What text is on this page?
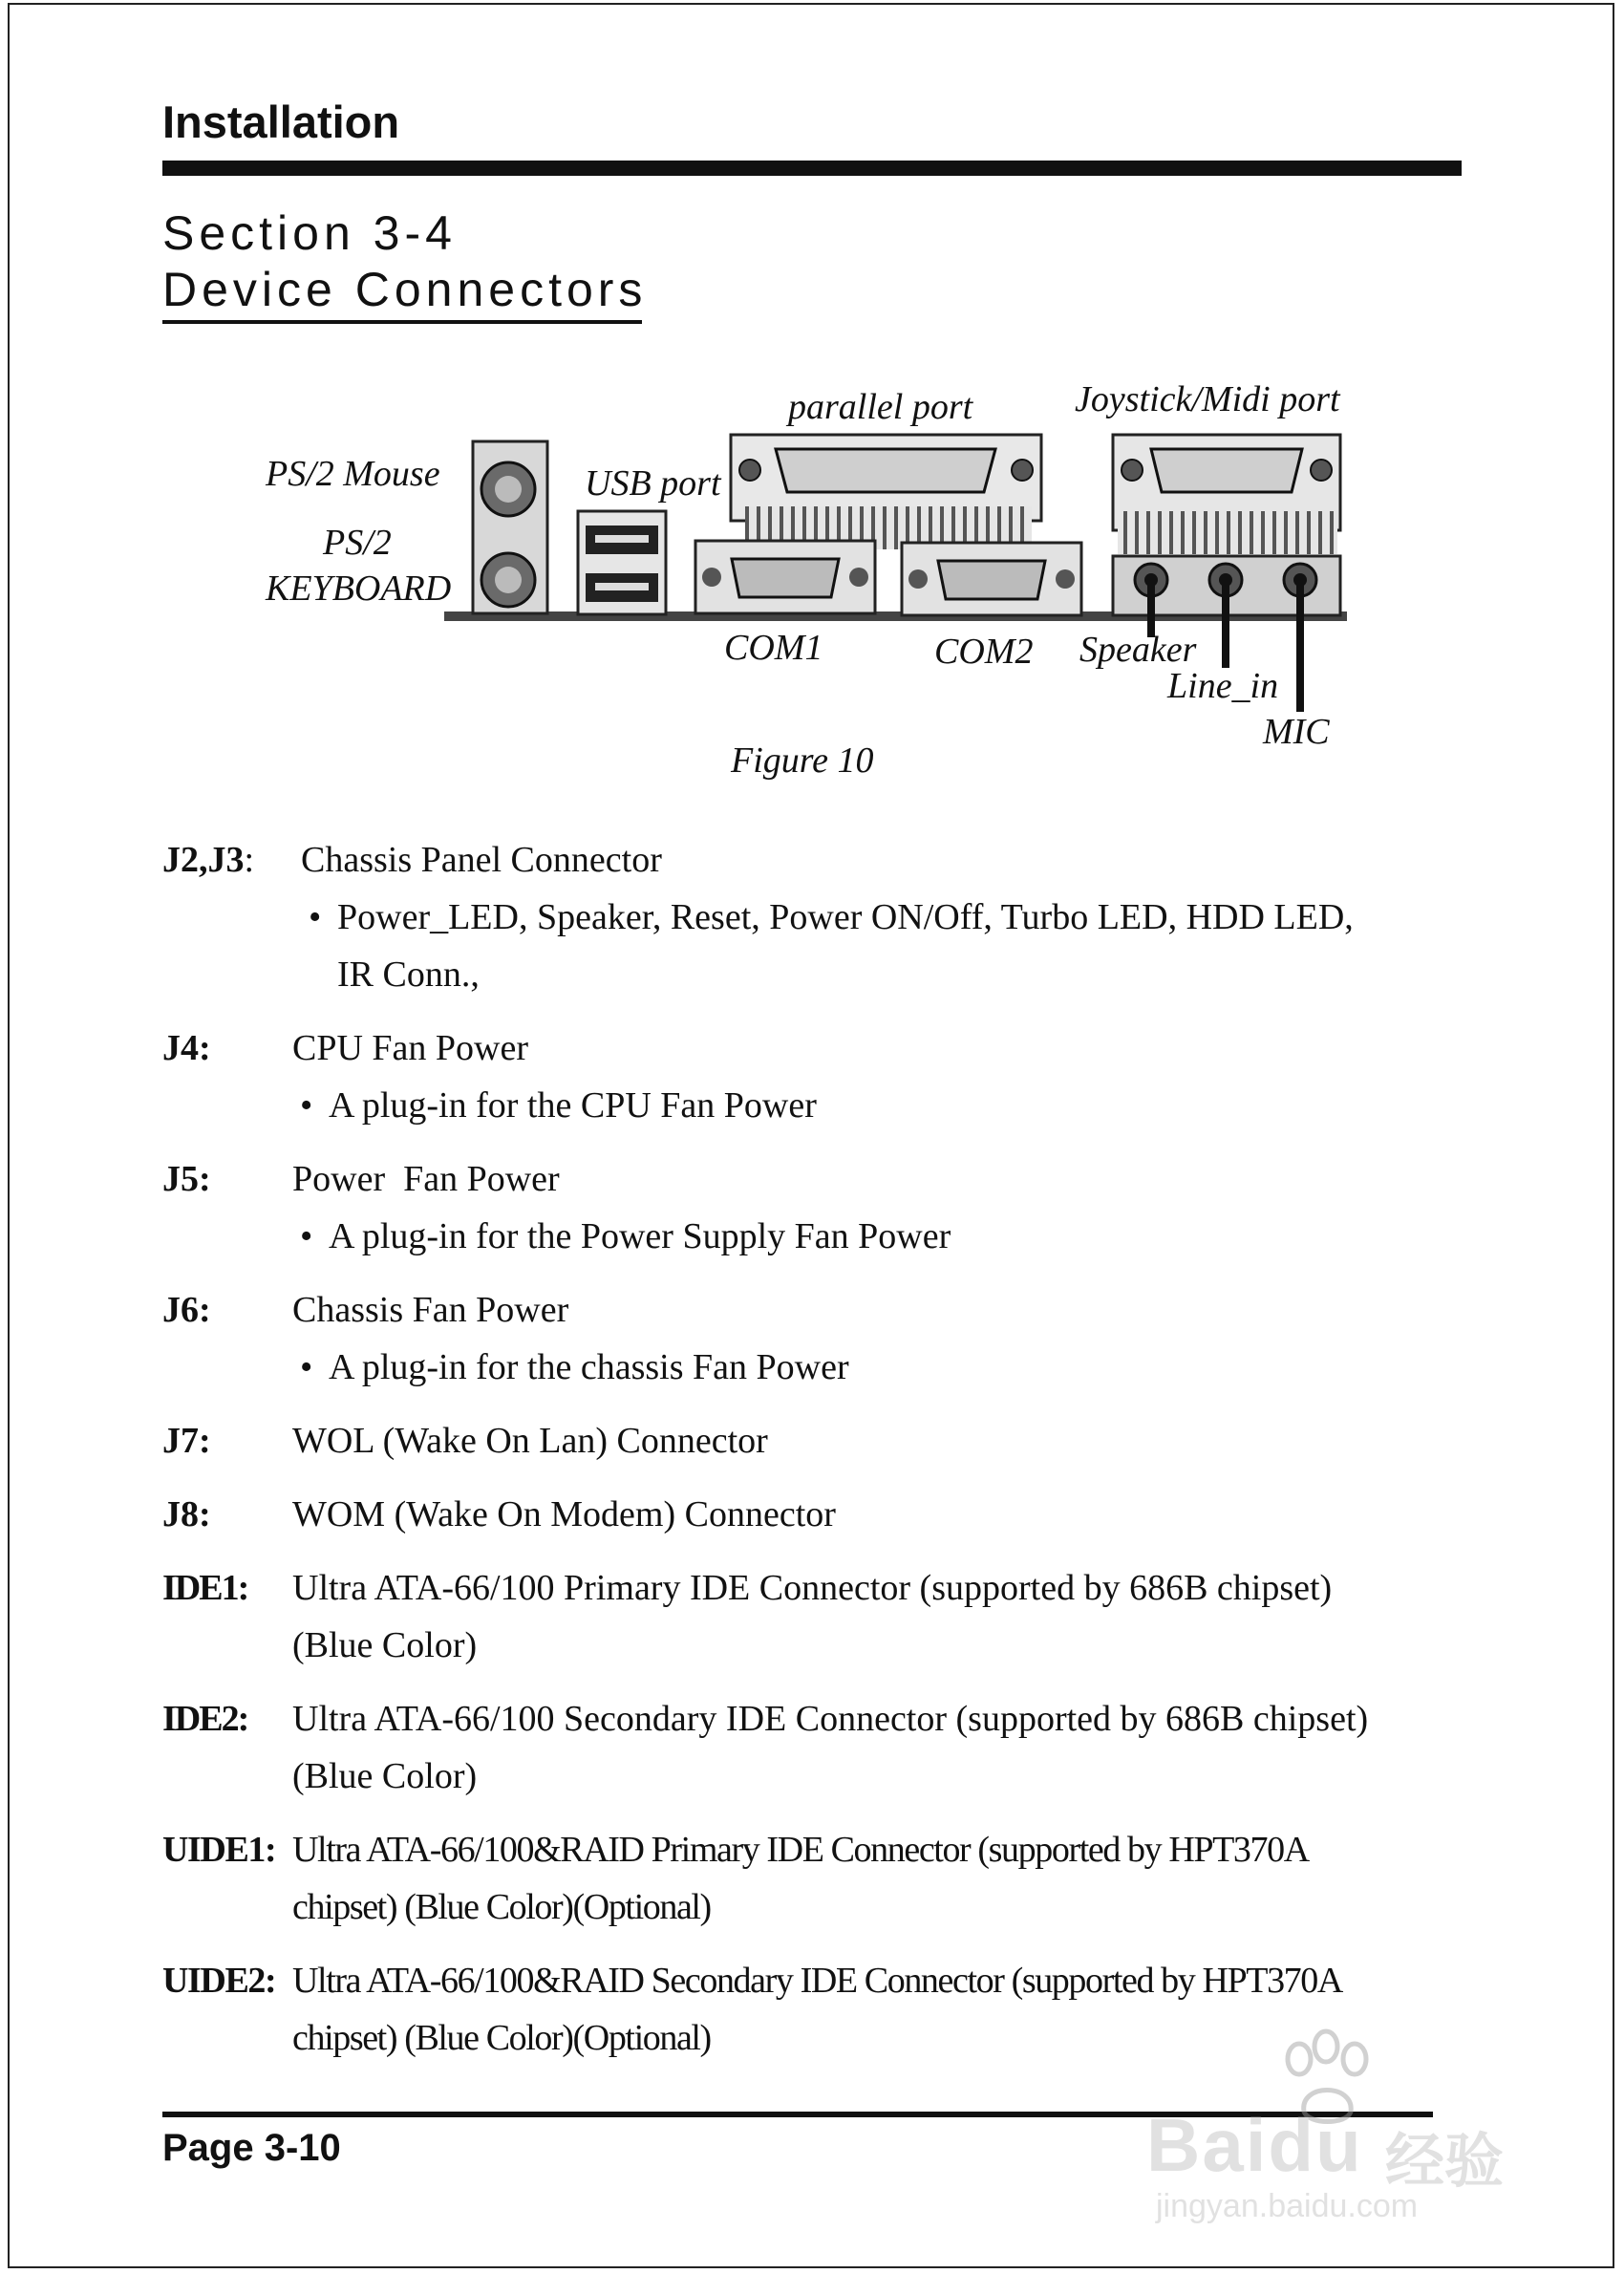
Installation
Section 3-4
Device Connectors
PS/2 Mouse
PS/2
KEYBOARD
USB port
parallel port	Joystick/Midi port
COM1	COM2 Speaker
Line_in
MIC
Figure 10
J2,J3:	Chassis Panel Connector
• Power_LED, Speaker, Reset, Power ON/Off, Turbo LED, HDD LED,
IR Conn.,
J4:	CPU Fan Power
• A plug-in for the CPU Fan Power
J5:	Power  Fan Power
• A plug-in for the Power Supply Fan Power
J6:	Chassis Fan Power
• A plug-in for the chassis Fan Power
J7:	WOL (Wake On Lan) Connector
J8:	WOM (Wake On Modem) Connector
IDE1:	Ultra ATA-66/100 Primary IDE Connector (supported by 686B chipset)
(Blue Color)
IDE2:	Ultra ATA-66/100 Secondary IDE Connector (supported by 686B chipset)
(Blue Color)
UIDE1: Ultra ATA-66/100&RAID Primary IDE Connector (supported by HPT370A
chipset) (Blue Color)(Optional)
UIDE2: Ultra ATA-66/100&RAID Secondary IDE Connector (supported by HPT370A
chipset) (Blue Color)(Optional)
Page 3-10	Baidu 经验
jingyan.baidu.com
